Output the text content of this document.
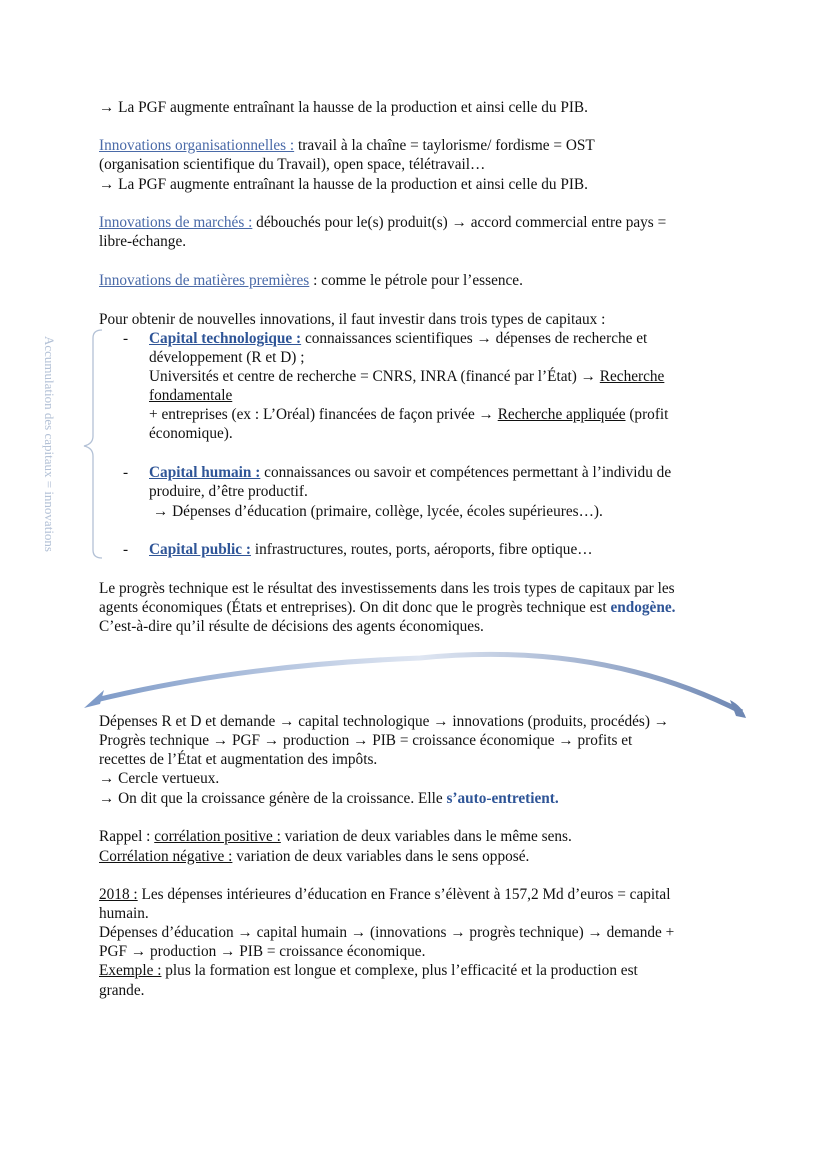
→ La PGF augmente entraînant la hausse de la production et ainsi celle du PIB.
Innovations organisationnelles : travail à la chaîne = taylorisme/ fordisme = OST
(organisation scientifique du Travail), open space, télétravail…
→ La PGF augmente entraînant la hausse de la production et ainsi celle du PIB.
Innovations de marchés : débouchés pour le(s) produit(s) → accord commercial entre pays =
libre-échange.
Innovations de matières premières : comme le pétrole pour l’essence.
Pour obtenir de nouvelles innovations, il faut investir dans trois types de capitaux :
Accumulation des capitaux = innovations	- Capital technologique : connaissances scientifiques → dépenses de recherche et
développement (R et D) ;
Universités et centre de recherche = CNRS, INRA (financé par l’État) → Recherche
fondamentale
+ entreprises (ex : L’Oréal) financées de façon privée → Recherche appliquée (profit
économique).
- Capital humain : connaissances ou savoir et compétences permettant à l’individu de
produire, d’être productif.
→ Dépenses d’éducation (primaire, collège, lycée, écoles supérieures…).
- Capital public : infrastructures, routes, ports, aéroports, fibre optique…
Le progrès technique est le résultat des investissements dans les trois types de capitaux par les
agents économiques (États et entreprises). On dit donc que le progrès technique est endogène.
C’est-à-dire qu’il résulte de décisions des agents économiques.
Dépenses R et D et demande → capital technologique → innovations (produits, procédés) →
Progrès technique → PGF → production → PIB = croissance économique → profits et
recettes de l’État et augmentation des impôts.
→ Cercle vertueux.
→ On dit que la croissance génère de la croissance. Elle s’auto-entretient.
Rappel : corrélation positive : variation de deux variables dans le même sens.
Corrélation négative : variation de deux variables dans le sens opposé.
2018 : Les dépenses intérieures d’éducation en France s’élèvent à 157,2 Md d’euros = capital
humain.
Dépenses d’éducation → capital humain → (innovations → progrès technique) → demande +
PGF → production → PIB = croissance économique.
Exemple : plus la formation est longue et complexe, plus l’efficacité et la production est
grande.
